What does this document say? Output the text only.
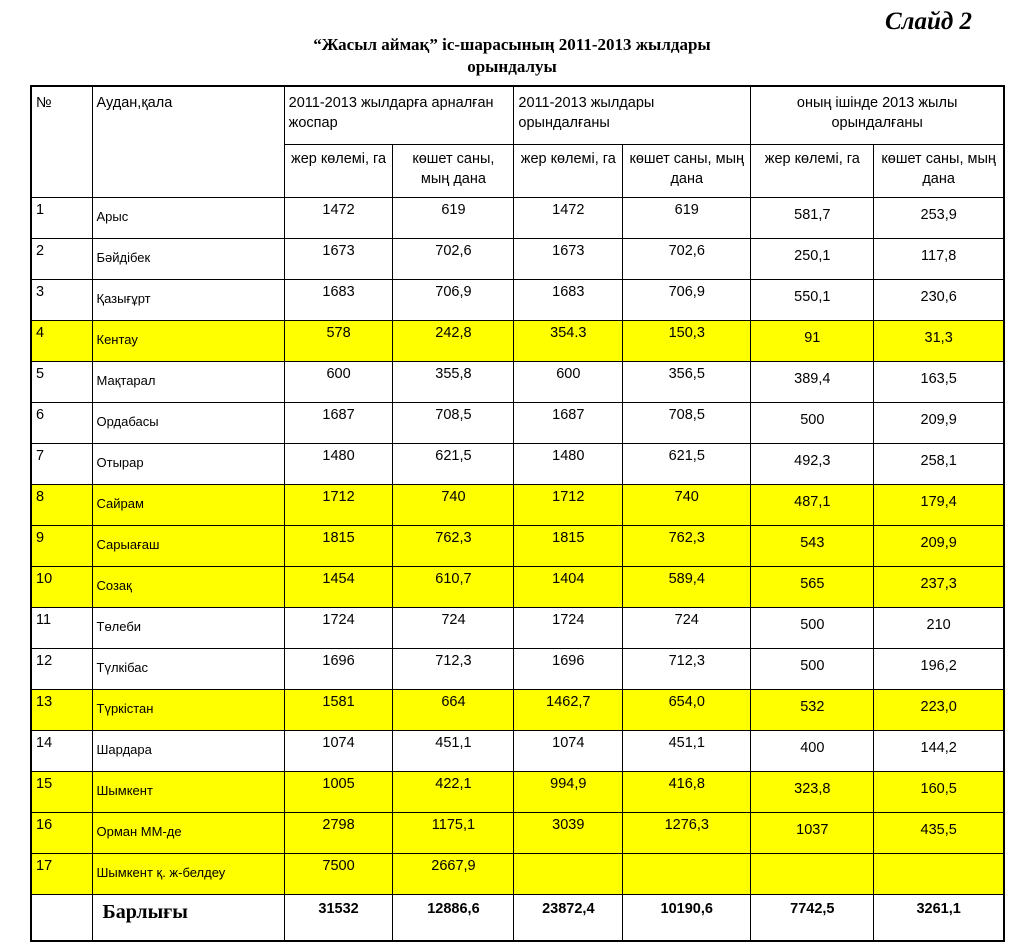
Слайд 2
“Жасыл аймақ” іс-шарасының 2011-2013 жылдары
орындалуы
№	Аудан,қала	2011-2013 жылдарға арналған жоспар		2011-2013 жылдары орындалғаны		оның ішінде 2013 жылы орындалғаны	
		жер көлемі, га	көшет саны, мың дана	жер көлемі, га	көшет саны, мың дана	жер көлемі, га	көшет саны, мың дана
1	Арыс	1472	619	1472	619	581,7	253,9
2	Бәйдібек	1673	702,6	1673	702,6	250,1	117,8
3	Қазығұрт	1683	706,9	1683	706,9	550,1	230,6
4	Кентау	578	242,8	354.3	150,3	91	31,3
5	Мақтарал	600	355,8	600	356,5	389,4	163,5
6	Ордабасы	1687	708,5	1687	708,5	500	209,9
7	Отырар	1480	621,5	1480	621,5	492,3	258,1
8	Сайрам	1712	740	1712	740	487,1	179,4
9	Сарыағаш	1815	762,3	1815	762,3	543	209,9
10	Созақ	1454	610,7	1404	589,4	565	237,3
11	Төлеби	1724	724	1724	724	500	210
12	Түлкібас	1696	712,3	1696	712,3	500	196,2
13	Түркістан	1581	664	1462,7	654,0	532	223,0
14	Шардара	1074	451,1	1074	451,1	400	144,2
15	Шымкент	1005	422,1	994,9	416,8	323,8	160,5
16	Орман ММ-де	2798	1175,1	3039	1276,3	1037	435,5
17	Шымкент қ. ж-белдеу	7500	2667,9				
	Барлығы	31532	12886,6	23872,4	10190,6	7742,5	3261,1
